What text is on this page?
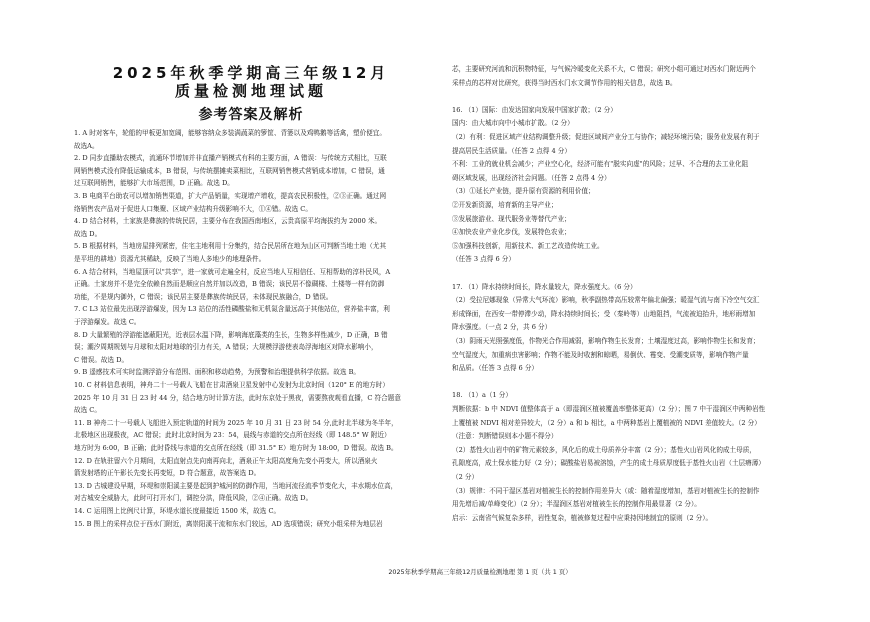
2025年秋季学期高三年级12月
质量检测地理试题
参考答案及解析
1. A 时对客车，轮船的甲板更加宽阔，能够容纳众多装满蔬菜的箩筐、背篓以及鸡鸭鹅等活禽，塑价便宜。
故选A。
2. D 同步直播助农模式，流通环节增加并非直播产销模式有科的主要方面，A 错误：与传统方式相比，互联
网销售模式没有降低运输成本，B 错误，与传统摆摊卖菜相比，互联网销售模式营销成本增加，C 错误，通
过互联网销售，能够扩大市场范围，D 正确。故选 D。
3. B 电商平台助农可以增加销售渠道，扩大产品销量，实现增产增收，提高农民积极性，②③正确。通过网
络销售农产品对于促进人口集聚、区域产业结构升级影响不大，①④错。故选 C。
4. D 结合材料，土家族是彝族的传统民居，主要分布在我国西南地区，云贵高原平均海拔约为 2000 米。
故选 D。
5. B 根据材料，当地房屋排列紧密，住宅主地利用十分集约，结合民居所在地为山区可判断当地土地（尤其
是平坦的耕地）资源尤其稀缺，反映了当地人多地少的地理条件。
6. A 结合材料，当地屋顶可以"共享"，进一家就可走遍全村，反应当地人互相信任、互相帮助的淳朴民风，A
正确。土家房并不是完全依赖自然而是顺应自然并加以改造，B 错误；该民居不像碉楼、土楼等一样有防御
功能，不是规内御外，C 错误；该民居主要是彝族传统民居，未体现民族融合，D 错误。
7. C L3 站位最先出现浮游爆发，因为 L3 站位的活性磷酸盐和无机氮含量远高于其他站位，营养盐丰富，利
于浮游爆发。故选 C。
8. D 大量繁殖的浮游能遮蔽阳光，近表层水温下降，影响海底藻类的生长，生物多样性减少，D 正确，B 错
误；潮汐周期规划与月球和太阳对地球的引力有关，A 错误；大规模浮游使表岛浮海地区对降水影响小，
C 错误。故选 D。
9. B 遥感技术可实时监测浮游分布范围、面积和移动趋势，为预警和治理提供科学依据。故选 B。
10. C 材料信息表明，神舟二十一号载人飞船在甘肃酒泉卫星发射中心发射为北京时间（120° E 的地方时）
2025 年 10 月 31 日 23 时 44 分，结合地方时计算方法，此时东京处于黑夜，需要熬夜观看直播，C 符合题意
故选 C。
11. B 神舟二十一号载人飞船进入预定轨道的时间为 2025 年 10 月 31 日 23 时 54 分,此时北半球为冬半年，
北极地区出现极夜，AC 错误；此时北京时间为 23：54，晨线与赤道的交点所在经线（即 148.5° W 附近）
地方时为 6:00，B 正确；此时昏线与赤道的交点所在经线（即 31.5° E）地方时为 18:00，D 错误。故选 B。
12. D 在轨驻留六个月期间，太阳直射点先向南再向北，酒泉正午太阳高度角先变小再变大，所以酒泉火
箭发射塔的正午影长先变长再变短，D 符合题意，故答案选 D。
13. D 古城建设早期，环堤和崇阳溪主要是起到护城河的防御作用，当地河流径流季节变化大，丰水期水位高，
对古城安全威胁大，此时可打开水门，调控分洪，降低风险，②④正确。故选 D。
14. C 运用图上比例尺计算，环堤水道长度最接近 1500 米，故选 C。
15. B 图上的采样点位于西水门附近，离崇阳溪干流和东水门较远，AD 选项错误；研究小组采样为地层岩
芯，主要研究河流和沉积物特征，与气候冷暖变化关系不大，C 错误；研究小组可通过对西水门附近两个
采样点的芯样对比研究，获得当时西水门水文调节作用的相关信息，故选 B。
16. （1）国际：由发达国家向发展中国家扩散；（2 分）
国内：由大城市向中小城市扩散。（2 分）
（2）有利：促进区域产业结构调整升级；促进区域间产业分工与协作；减轻环境污染；服务业发展有利于
提高居民生活质量。（任答 2 点得 4 分）
不利：工业的就业机会减少；产业空心化，经济可能有"脱实向虚"的风险；过早、不合理的去工业化阻
碍区域发展，出现经济社会问题。（任答 2 点得 4 分）
（3）①延长产业链，提升原有资源的利用价值；
②开发新资源，培育新的主导产业；
③发展旅游业、现代服务业等替代产业；
④加快农业产业化步伐，发展特色农业；
⑤加强科技创新，用新技术、新工艺改造传统工业。
（任答 3 点得 6 分）
17. （1）降水持续时间长，降水量较大，降水强度大。（6 分）
（2）受拉尼娜现象（异常大气环流）影响，秋季副热带高压较常年偏北偏强；暖湿气流与南下冷空气交汇
形成锋面，在西安一带停滞少动，降水持续时间长；受（秦岭等）山地阻挡，气流被迫抬升，地形雨增加
降水强度。（一点 2 分，共 6 分）
（3）阴雨天光照强度低，作物光合作用减弱，影响作物生长发育；土壤湿度过高，影响作物生长和发育；
空气湿度大，加重病虫害影响；作物不能及时收割和晾晒，易倒伏、霉变、受潮变质等，影响作物产量
和品质。（任答 3 点得 6 分）
18. （1）a（1 分）
判断依据：b 中 NDVI 值整体高于 a（即湿润区植被覆盖率整体更高）（2 分）；图 7 中干湿润区中两种岩性
上覆植被 NDVI 相对差异较大，（2 分）a 和 b 相比，a 中两种基岩上覆植被的 NDVI 差值较大。（2 分）
（注意：判断错误则本小题不得分）
（2）基性火山岩中的矿物元素较多，风化后的成土母质养分丰富（2 分）；基性火山岩风化的成土母质，
孔隙度高，成土保水能力好（2 分）；碳酸盐岩易被溶蚀，产生的成土母质厚度低于基性火山岩（土层瘠薄）
（2 分）
（3）规律：不同干湿区基岩对植被生长的控制作用差异大（或：随着湿度增加，基岩对植被生长的控制作
用先增后减/单峰变化）（2 分）；半湿润区基岩对植被生长的控制作用最显著（2 分）。
启示：云南省气候复杂多样，岩性复杂，植被修复过程中应秉持因地制宜的原则（2 分）。
2025年秋季学期高三年级12月质量检测地理 第 1 页（共 1 页）
